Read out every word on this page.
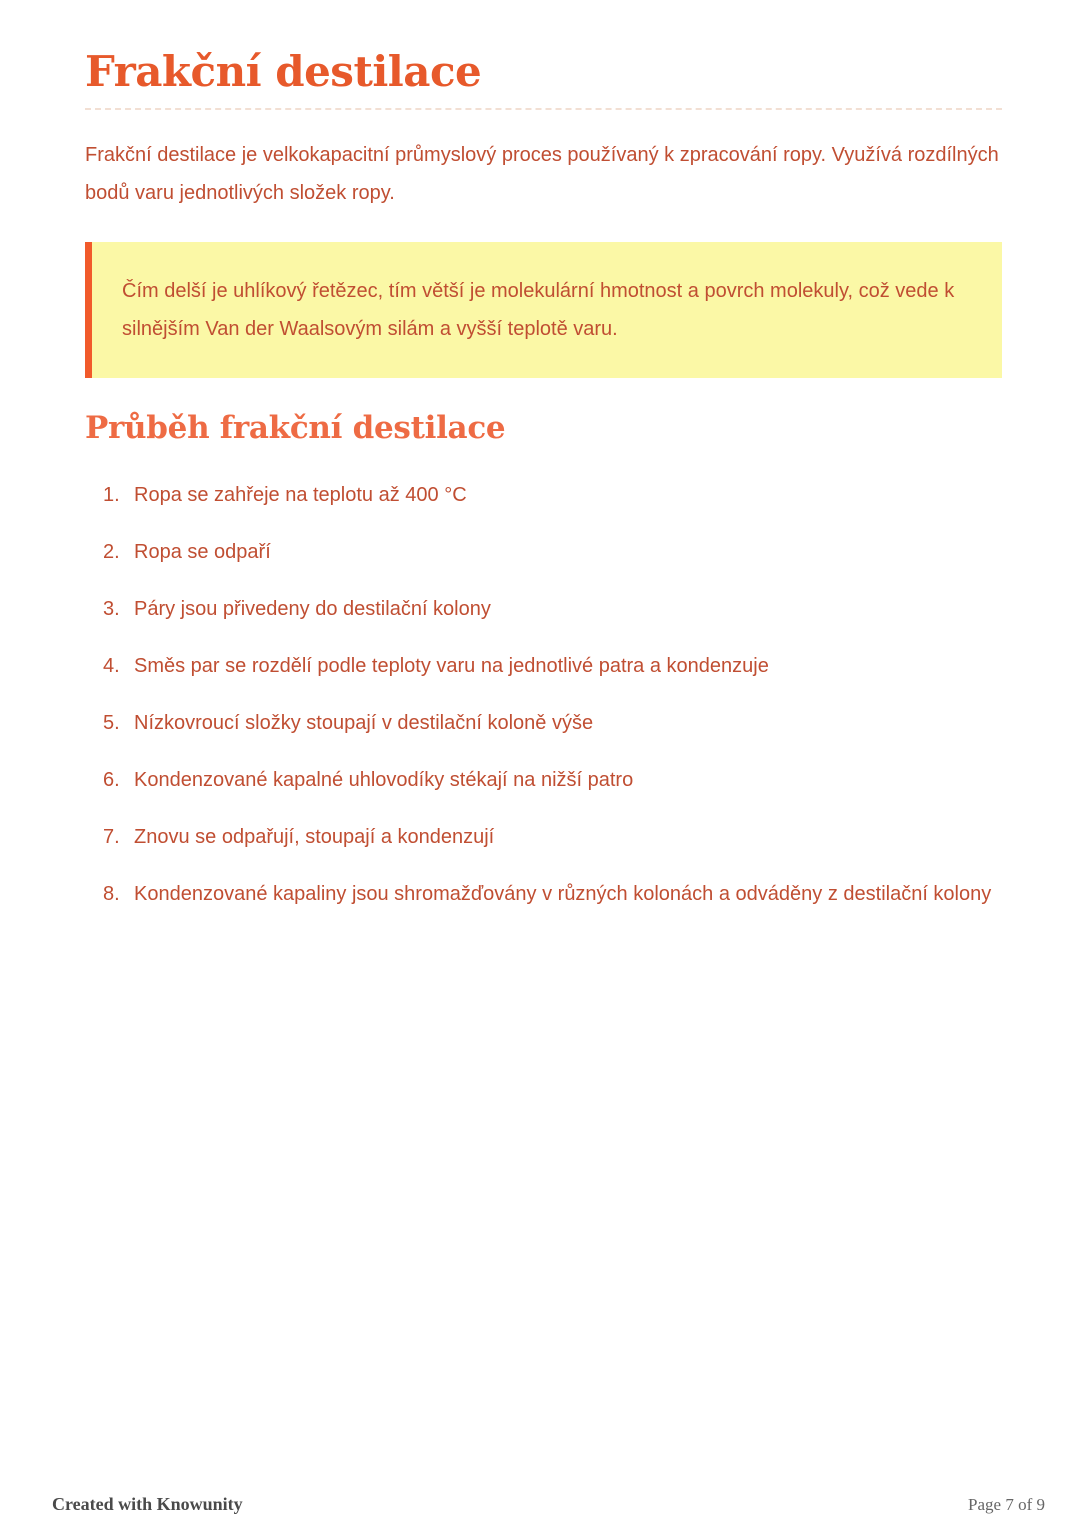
Frakční destilace

Frakční destilace je velkokapacitní průmyslový proces používaný k zpracování ropy. Využívá rozdílných bodů varu jednotlivých složek ropy.

Čím delší je uhlíkový řetězec, tím větší je molekulární hmotnost a povrch molekuly, což vede k silnějším Van der Waalsovým silám a vyšší teplotě varu.

Průběh frakční destilace
1. Ropa se zahřeje na teplotu až 400 °C
2. Ropa se odpaří
3. Páry jsou přivedeny do destilační kolony
4. Směs par se rozdělí podle teploty varu na jednotlivé patra a kondenzuje
5. Nízkovroucí složky stoupají v destilační koloně výše
6. Kondenzované kapalné uhlovodíky stékají na nižší patro
7. Znovu se odpařují, stoupají a kondenzují
8. Kondenzované kapaliny jsou shromažďovány v různých kolonách a odváděny z destilační kolony
Created with Knowunity	Page 7 of 9
